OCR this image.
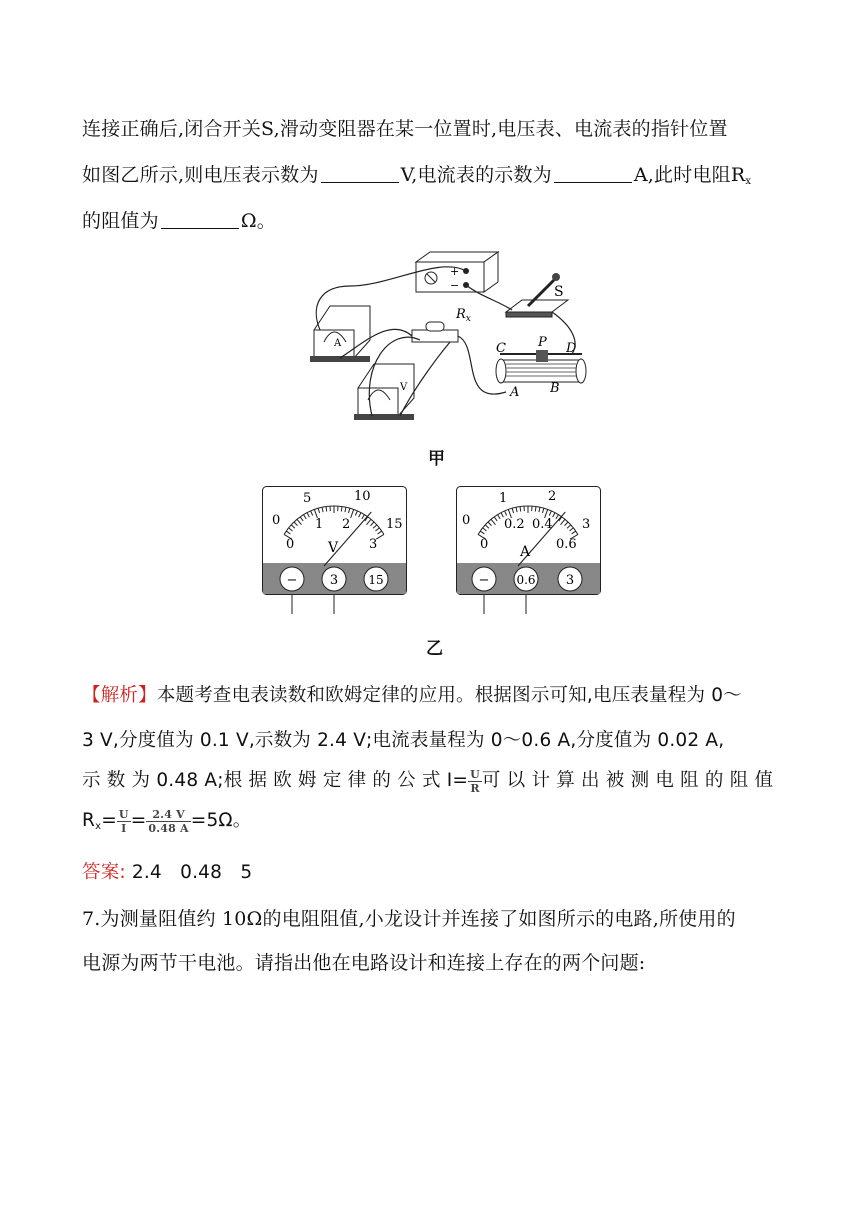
连接正确后,闭合开关S,滑动变阻器在某一位置时,电压表、电流表的指针位置
如图乙所示,则电压表示数为	V,电流表的示数为	A,此时电阻$R_x$
的阻值为	Ω。
+
−	S
A
$R_x$
V
P
C	D
A B
甲
0
5	10
15
0
1 2
3
V
− 3	15
0
1	2
3
0
0.2 0.4
0.6
A
− 0.6 3
乙
【解析】本题考查电表读数和欧姆定律的应用。根据图示可知,电压表量程为 0～
3 V,分度值为 0.1 V,示数为 2.4 V;电流表量程为 0～0.6 A,分度值为 0.02 A,
示 数 为 0.48 A;根 据 欧 姆 定 律 的 公 式 $I= \frac{U}{R}$ 可 以 计 算 出 被 测 电 阻 的 阻 值
$R_x= \frac{U}{I} = \frac{2.4 V}{0.48 A} =5\Omega$。
答案: 2.4   0.48   5
7.为测量阻值约 10Ω的电阻阻值,小龙设计并连接了如图所示的电路,所使用的
电源为两节干电池。请指出他在电路设计和连接上存在的两个问题:
